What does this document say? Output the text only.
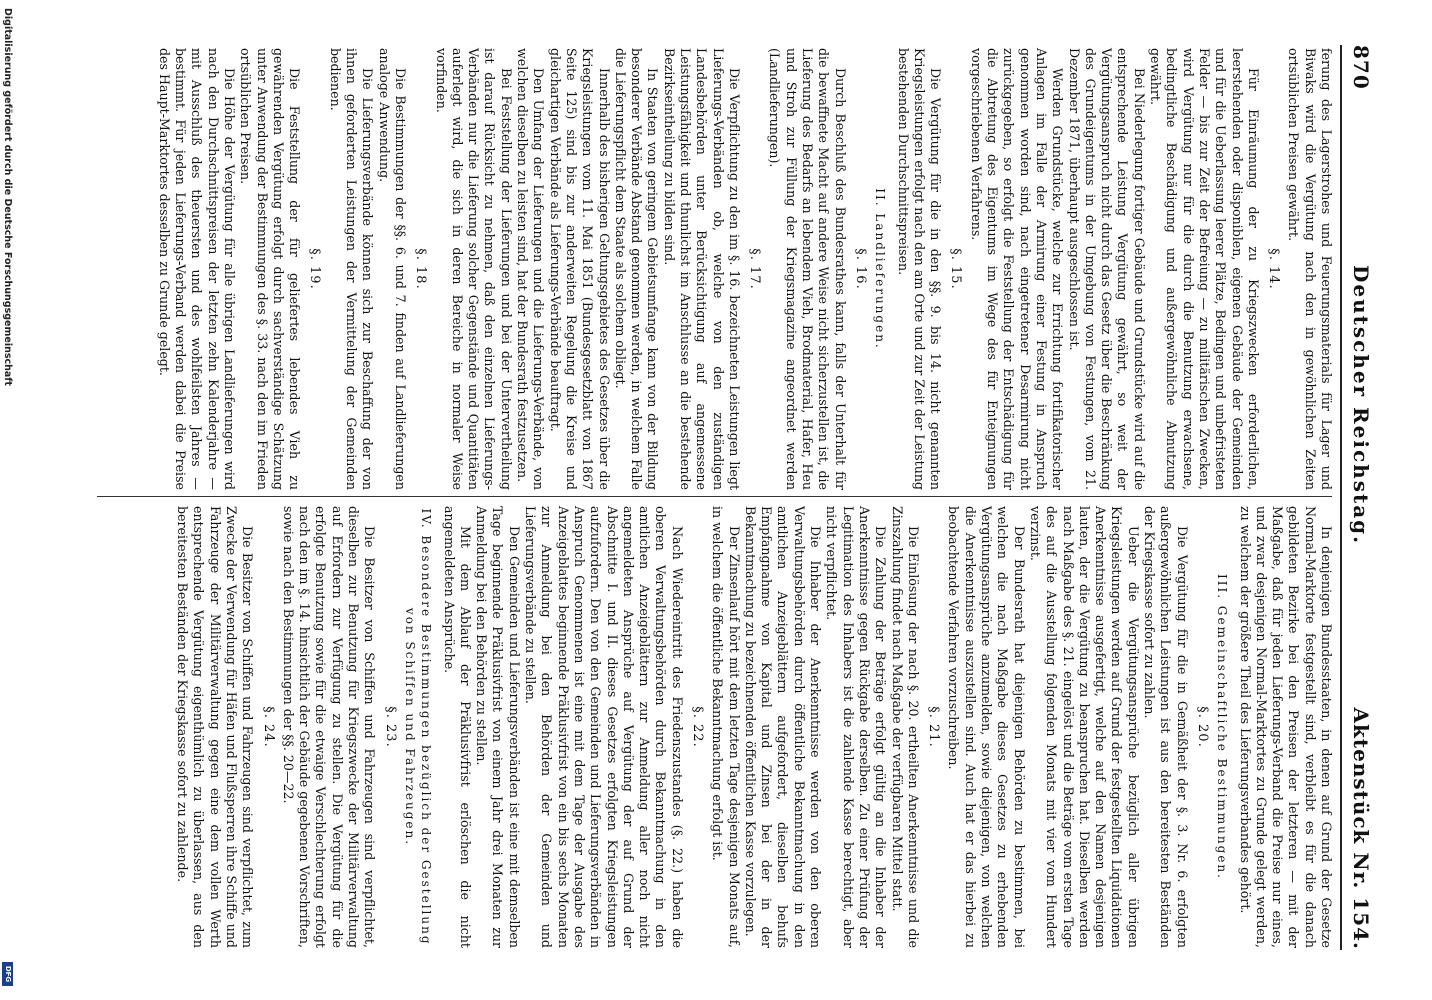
870
Deutscher Reichstag.
Aktenstück Nr. 154.

ferung des Lagerstrohes und Feuerungsmaterials für Lager und Biwaks wird die Vergütung nach den in gewöhnlichen Zeiten ortsüblichen Preisen gewährt.

§. 14.

Für Einräumung der zu Kriegszwecken erforderlichen, leerstehenden oder disponiblen, eigenen Gebäude der Gemeinden und für die Ueberlassung leerer Plätze, Bedingen und unbefristeten Felder — bis zur Zeit der Befreiung — zu militärischen Zwecken, wird Vergütung nur für die durch die Benutzung erwachsene, bedingtliche Beschädigung und außergewöhnliche Abnutzung gewährt.

Bei Niederlegung fortiger Gebäude und Grundstücke wird auf die entsprechende Leistung Vergütung gewährt, so weit der Vergütungsanspruch nicht durch das Gesetz über die Beschränkung des Grundeigentums in der Umgebung von Festungen, vom 21. Dezember 1871, überhaupt ausgeschlossen ist.

Werden Grundstücke, welche zur Errichtung fortifikatorischer Anlagen im Falle der Armirung einer Festung in Anspruch genommen worden sind, nach eingetretener Desarmirung nicht zurückgegeben, so erfolgt die Feststellung der Entschädigung für die Abtretung des Eigentums im Wege des für Enteignungen vorgeschriebenen Verfahrens.

§. 15.

Die Vergütung für die in den §§. 9. bis 14. nicht genannten Kriegsleistungen erfolgt nach den am Orte und zur Zeit der Leistung bestehenden Durchschnittspreisen.

II. Landlieferungen.
§. 16.

Durch Beschluß des Bundesrathes kann, falls der Unterhalt für die bewaffnete Macht auf andere Weise nicht sicherzustellen ist, die Lieferung des Bedarfs an lebendem Vieh, Brodmaterial, Hafer, Heu und Stroh zur Füllung der Kriegsmagazine angeordnet werden (Landlieferungen).

§. 17.

Die Verpflichtung zu den im §. 16. bezeichneten Leistungen liegt Lieferungs-Verbänden ob, welche von den zuständigen Landesbehörden unter Berücksichtigung auf angemessene Leistungsfähigkeit und thunlichst im Anschlusse an die bestehende Bezirkseintheilung zu bilden sind.

In Staaten von geringem Gebietsumfange kann von der Bildung besonderer Verbände Abstand genommen werden, in welchem Falle die Lieferungspflicht dem Staate als solchem obliegt.

Innerhalb des bisherigen Geltungsgebietes des Gesetzes über die Kriegsleistungen vom 11. Mai 1851 (Bundesgesetzblatt von 1867 Seite 125) sind bis zur anderweiten Regelung die Kreise und gleichartigen Verbände als Lieferungs-Verbände beauftragt.

Den Umfang der Lieferungen und die Lieferungs-Verbände, von welchen dieselben zu leisten sind, hat der Bundesrath festzusetzen.

Bei Feststellung der Lieferungen und bei der Untervertheilung ist darauf Rücksicht zu nehmen, daß den einzelnen Lieferungs-Verbänden nur die Lieferung solcher Gegenstände und Quantitäten auferlegt wird, die sich in deren Bereiche in normaler Weise vorfinden.

§. 18.

Die Bestimmungen der §§. 6. und 7. finden auf Landlieferungen analoge Anwendung.

Die Lieferungsverbände können sich zur Beschaffung der von ihnen geforderten Leistungen der Vermittelung der Gemeinden bedienen.

§. 19.

Die Feststellung der für geliefertes lebendes Vieh zu gewährenden Vergütung erfolgt durch sachverständige Schätzung unter Anwendung der Bestimmungen des §. 33. nach den im Frieden ortsüblichen Preisen.

Die Höhe der Vergütung für alle übrigen Landlieferungen wird nach den Durchschnittspreisen der letzten zehn Kalenderjahre — mit Ausschluß des theuersten und des wohlfeilsten Jahres — bestimmt. Für jeden Lieferungs-Verband werden dabei die Preise des Haupt-Marktortes desselben zu Grunde gelegt.

In denjenigen Bundesstaaten, in denen auf Grund der Gesetze Normal-Marktorte festgestellt sind, verbleibt es für die danach gebildeten Bezirke bei den Preisen der letzteren — mit der Maßgabe, daß für jeden Lieferungs-Verband die Preise nur eines, und zwar desjenigen Normal-Marktortes zu Grunde gelegt werden, zu welchem der größere Theil des Lieferungsverbandes gehört.

III. Gemeinschaftliche Bestimmungen.
§. 20.

Die Vergütung für die in Gemäßheit der §. 3. Nr. 6. erfolgten außergewöhnlichen Leistungen ist aus den bereitesten Beständen der Kriegskasse sofort zu zahlen.

Ueber die Vergütungsansprüche bezüglich aller übrigen Kriegsleistungen werden auf Grund der festgestellten Liquidationen Anerkenntnisse ausgefertigt, welche auf den Namen desjenigen lauten, der die Vergütung zu beanspruchen hat. Dieselben werden nach Maßgabe des §. 21. eingelöst und die Beträge vom ersten Tage des auf die Ausstellung folgenden Monats mit vier vom Hundert verzinst.

Der Bundesrath hat diejenigen Behörden zu bestimmen, bei welchen die nach Maßgabe dieses Gesetzes zu erhebenden Vergütungsansprüche anzumelden, sowie diejenigen, von welchen die Anerkenntnisse auszustellen sind. Auch hat er das hierbei zu beobachtende Verfahren vorzuschreiben.

§. 21.

Die Einlösung der nach §. 20. ertheilten Anerkenntnisse und die Zinszahlung findet nach Maßgabe der verfügbaren Mittel statt.

Die Zahlung der Beträge erfolgt gültig an die Inhaber der Anerkenntnisse gegen Rückgabe derselben. Zu einer Prüfung der Legitimation des Inhabers ist die zahlende Kasse berechtigt, aber nicht verpflichtet.

Die Inhaber der Anerkenntnisse werden von den oberen Verwaltungsbehörden durch öffentliche Bekanntmachung in den amtlichen Anzeigeblättern aufgefordert, dieselben behufs Empfangnahme von Kapital und Zinsen bei der in der Bekanntmachung zu bezeichnenden öffentlichen Kasse vorzulegen.

Der Zinsenlauf hört mit dem letzten Tage desjenigen Monats auf, in welchem die öffentliche Bekanntmachung erfolgt ist.

§. 22.

Nach Wiedereintritt des Friedenszustandes (§. 22.) haben die oberen Verwaltungsbehörden durch Bekanntmachung in den amtlichen Anzeigeblättern zur Anmeldung aller noch nicht angemeldeten Ansprüche auf Vergütung der auf Grund der Abschnitte I. und II. dieses Gesetzes erfolgten Kriegsleistungen aufzufordern. Den von den Gemeinden und Lieferungsverbänden in Anspruch Genommenen ist eine mit dem Tage der Ausgabe des Anzeigeblattes beginnende Präklusivfrist von ein bis sechs Monaten zur Anmeldung bei den Behörden der Gemeinden und Lieferungsverbände zu stellen.

Den Gemeinden und Lieferungsverbänden ist eine mit demselben Tage beginnende Präklusivfrist von einem Jahr drei Monaten zur Anmeldung bei den Behörden zu stellen.

Mit dem Ablauf der Präklusivfrist erlöschen die nicht angemeldeten Ansprüche.

IV. Besondere Bestimmungen bezüglich der Gestellung von Schiffen und Fahrzeugen.
§. 23.

Die Besitzer von Schiffen und Fahrzeugen sind verpflichtet, dieselben zur Benutzung für Kriegszwecke der Militärverwaltung auf Erfordern zur Verfügung zu stellen. Die Vergütung für die erfolgte Benutzung sowie für die etwaige Verschlechterung erfolgt nach den im §. 14. hinsichtlich der Gebäude gegebenen Vorschriften, sowie nach den Bestimmungen der §§. 20—22.

§. 24.

Die Besitzer von Schiffen und Fahrzeugen sind verpflichtet, zum Zwecke der Verwendung für Häfen und Flußsperren ihre Schiffe und Fahrzeuge der Militärverwaltung gegen eine dem vollen Werth entsprechende Vergütung eigenthümlich zu überlassen, aus den bereitesten Beständen der Kriegskasse sofort zu zahlende.

Digitalisierung gefördert durch die Deutsche Forschungsgemeinschaft
DFG
